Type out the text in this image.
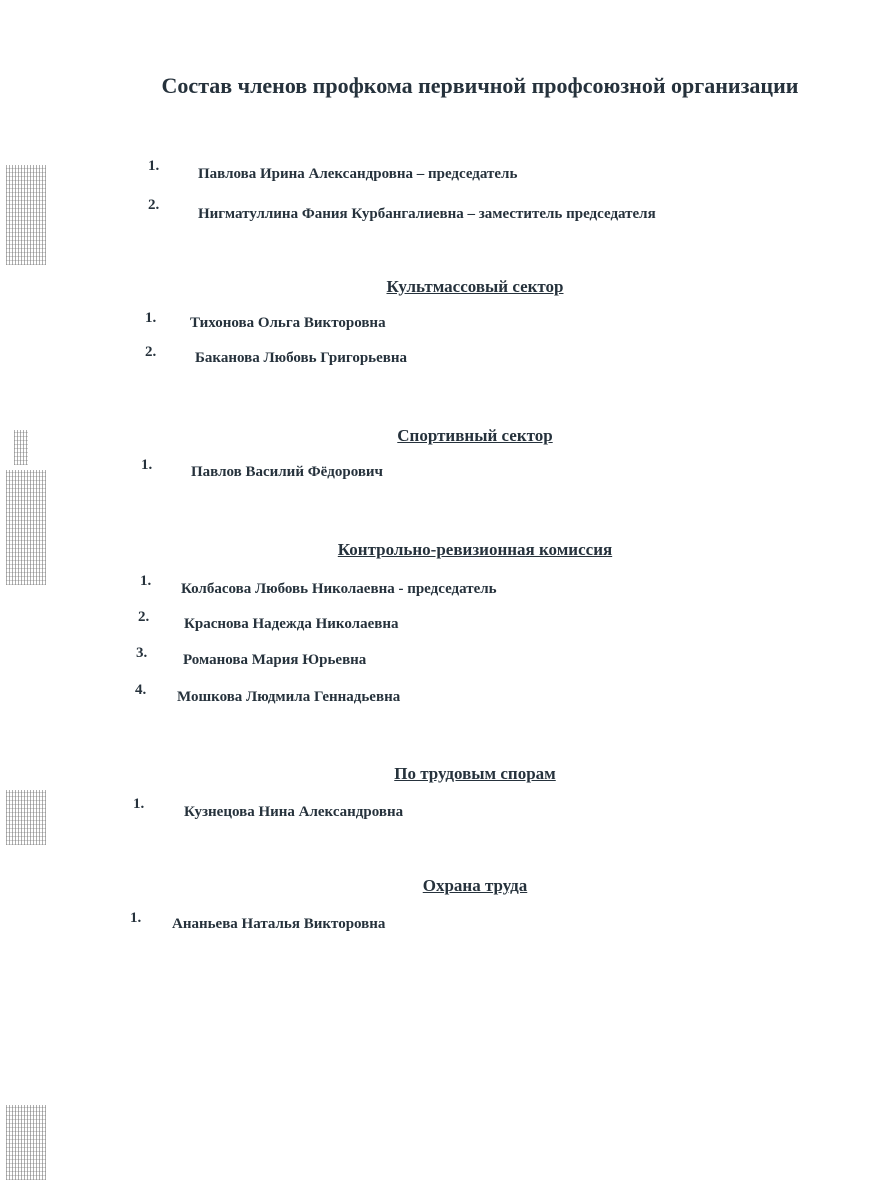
Состав членов профкома первичной профсоюзной организации
1.	Павлова Ирина Александровна – председатель
2.
Нигматуллина Фания Курбангалиевна – заместитель председателя
Культмассовый сектор
1. Тихонова Ольга Викторовна
2.	Баканова Любовь Григорьевна
Спортивный сектор
1.	Павлов Василий Фёдорович
Контрольно-ревизионная комиссия
1. Колбасова Любовь Николаевна - председатель
2. Краснова Надежда Николаевна
3. Романова Мария Юрьевна
4. Мошкова Людмила Геннадьевна
По трудовым спорам
1.	Кузнецова Нина Александровна
Охрана труда
1. Ананьева Наталья Викторовна
